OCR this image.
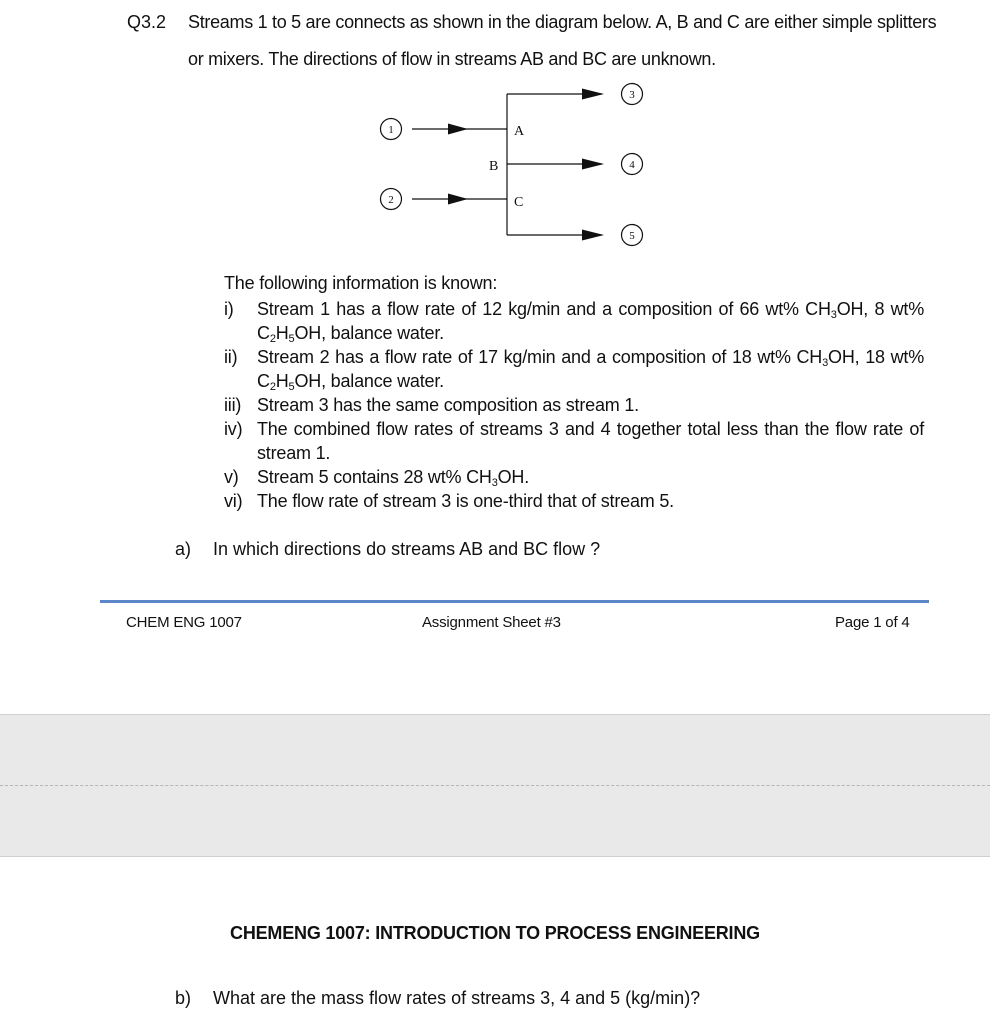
Q3.2 Streams 1 to 5 are connects as shown in the diagram below. A, B and C are either simple splitters
or mixers. The directions of flow in streams AB and BC are unknown.
1
2
3
4
5
A
B
C
The following information is known:
i) Stream 1 has a flow rate of 12 kg/min and a composition of 66 wt% $CH_3OH$, 8 wt% $C_2H_5OH$, balance water.
ii) Stream 2 has a flow rate of 17 kg/min and a composition of 18 wt% $CH_3OH$, 18 wt% $C_2H_5OH$, balance water.
iii) Stream 3 has the same composition as stream 1.
iv) The combined flow rates of streams 3 and 4 together total less than the flow rate of stream 1.
v) Stream 5 contains 28 wt% $CH_3OH$.
vi) The flow rate of stream 3 is one-third that of stream 5.
a) In which directions do streams AB and BC flow ?
CHEM ENG 1007	Assignment Sheet #3	Page 1 of 4
CHEMENG 1007: INTRODUCTION TO PROCESS ENGINEERING
b) What are the mass flow rates of streams 3, 4 and 5 (kg/min)?
